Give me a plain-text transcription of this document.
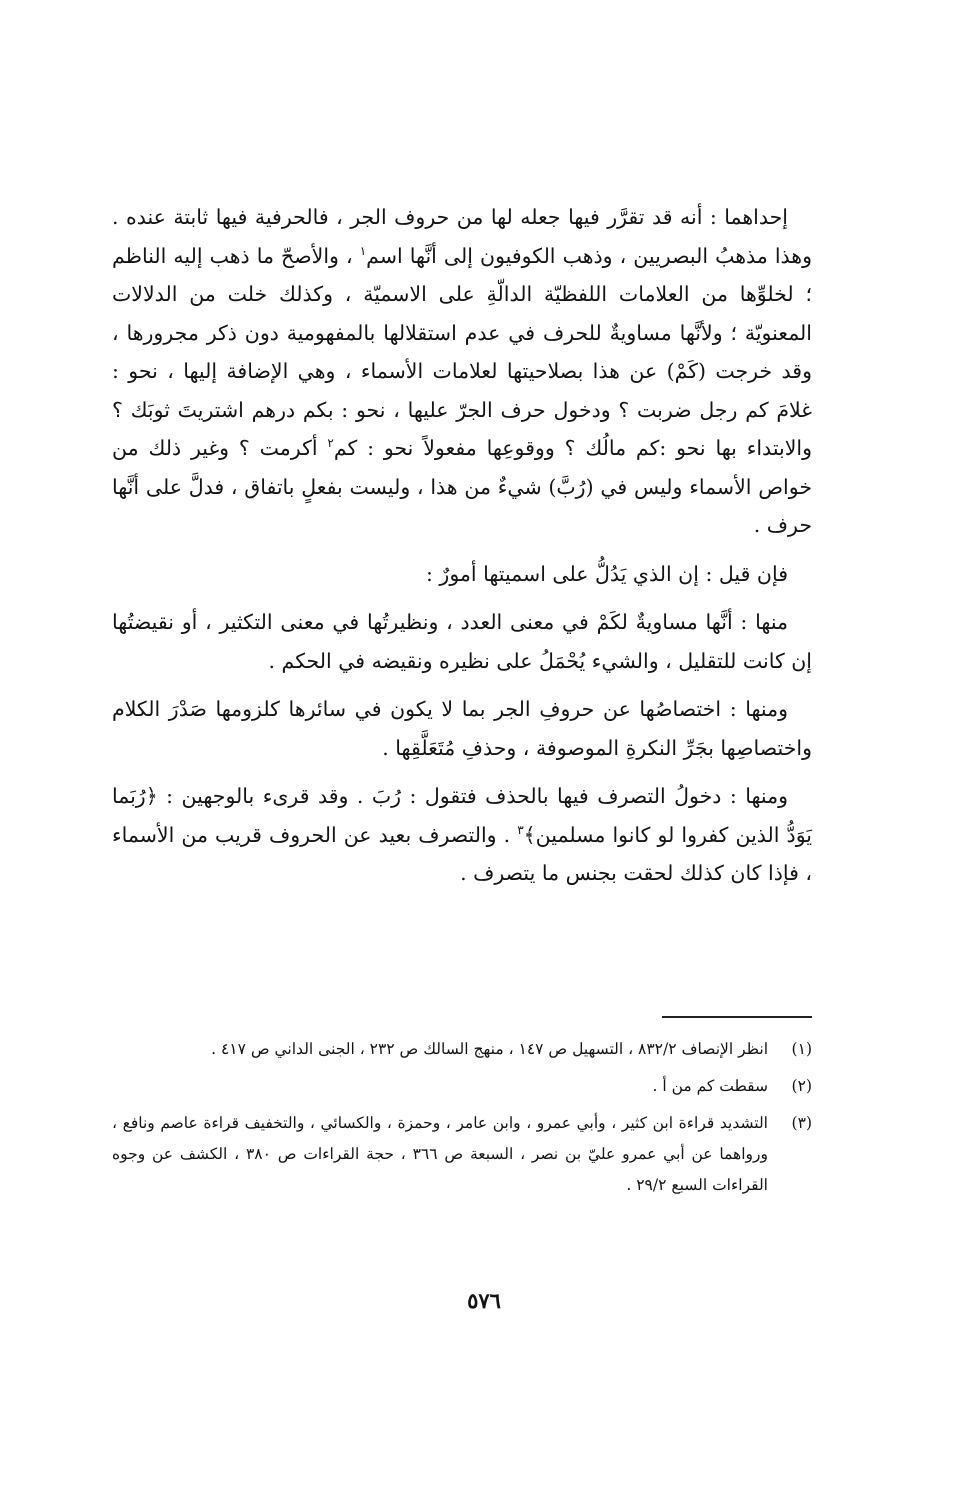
إحداهما : أنه قد تقرَّر فيها جعله لها من حروف الجر ، فالحرفية فيها ثابتة عنده . وهذا مذهبُ البصريين ، وذهب الكوفيون إلى أنَّها اسم$^١$ ، والأصحّ ما ذهب إليه الناظم ؛ لخلوِّها من العلامات اللفظيّة الدالّةِ على الاسميّة ، وكذلك خلت من الدلالات المعنويّة ؛ ولأنَّها مساويةٌ للحرف في عدم استقلالها بالمفهومية دون ذكر مجرورها ، وقد خرجت (كَمْ) عن هذا بصلاحيتها لعلامات الأسماء ، وهي الإضافة إليها ، نحو : غلامَ كم رجل ضربت ؟ ودخول حرف الجرّ عليها ، نحو : بكم درهم اشتريتَ ثوبَك ؟ والابتداء بها نحو :كم مالُك ؟ ووقوعِها مفعولاً نحو : كم$^٢$ أكرمت ؟ وغير ذلك من خواص الأسماء وليس في (رُبَّ) شيءٌ من هذا ، وليست بفعلٍ باتفاق ، فدلَّ على أنَّها حرف .

فإن قيل : إن الذي يَدُلُّ على اسميتها أمورٌ :

منها : أنَّها مساويةٌ لكَمْ في معنى العدد ، ونظيرتُها في معنى التكثير ، أو نقيضتُها إن كانت للتقليل ، والشيء يُحْمَلُ على نظيره ونقيضه في الحكم .

ومنها : اختصاصُها عن حروفِ الجر بما لا يكون في سائرها كلزومها صَدْرَ الكلام واختصاصِها بجَرِّ النكرةِ الموصوفة ، وحذفِ مُتَعَلَّقِها .

ومنها : دخولُ التصرف فيها بالحذف فتقول : رُبَ . وقد قرىء بالوجهين : ﴿رُبَما يَوَدُّ الذين كفروا لو كانوا مسلمين﴾$^٣$ . والتصرف بعيد عن الحروف قريب من الأسماء ، فإذا كان كذلك لحقت بجنس ما يتصرف .

(١)
انظر الإنصاف ٨٣٢/٢ ، التسهيل ص ١٤٧ ، منهج السالك ص ٢٣٢ ، الجنى الداني ص ٤١٧ .
(٢)
سقطت كم من أ .
(٣)
التشديد قراءة ابن كثير ، وأبي عمرو ، وابن عامر ، وحمزة ، والكسائي ، والتخفيف قراءة عاصم ونافع ، ورواهما عن أبي عمرو عليّ بن نصر ، السبعة ص ٣٦٦ ، حجة القراءات ص ٣٨٠ ، الكشف عن وجوه القراءات السبع ٢٩/٢ .
٥٧٦
